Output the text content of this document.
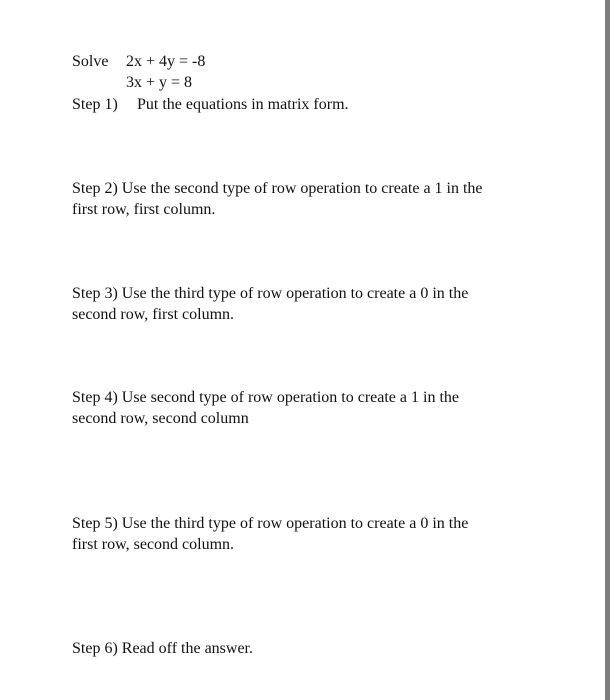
Solve 2x + 4y = -8
3x + y = 8
Step 1) Put the equations in matrix form.
Step 2) Use the second type of row operation to create a 1 in the
first row, first column.
Step 3) Use the third type of row operation to create a 0 in the
second row, first column.
Step 4) Use second type of row operation to create a 1 in the
second row, second column
Step 5) Use the third type of row operation to create a 0 in the
first row, second column.
Step 6) Read off the answer.
